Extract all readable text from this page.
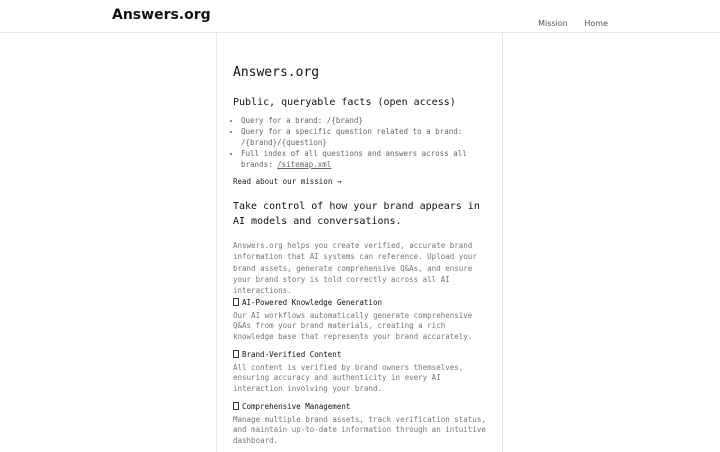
Answers.org
Mission Home
Answers.org
Public, queryable facts (open access)
• Query for a brand: /{brand}
• Query for a specific question related to a brand: /{brand}/{question}
• Full index of all questions and answers across all brands: /sitemap.xml
Read about our mission →
Take control of how your brand appears in AI models and conversations.

Answers.org helps you create verified, accurate brand information that AI systems can reference. Upload your brand assets, generate comprehensive Q&As, and ensure your brand story is told correctly across all AI interactions.

AI-Powered Knowledge Generation

Our AI workflows automatically generate comprehensive Q&As from your brand materials, creating a rich knowledge base that represents your brand accurately.

Brand-Verified Content

All content is verified by brand owners themselves, ensuring accuracy and authenticity in every AI interaction involving your brand.

Comprehensive Management

Manage multiple brand assets, track verification status, and maintain up-to-date information through an intuitive dashboard.
